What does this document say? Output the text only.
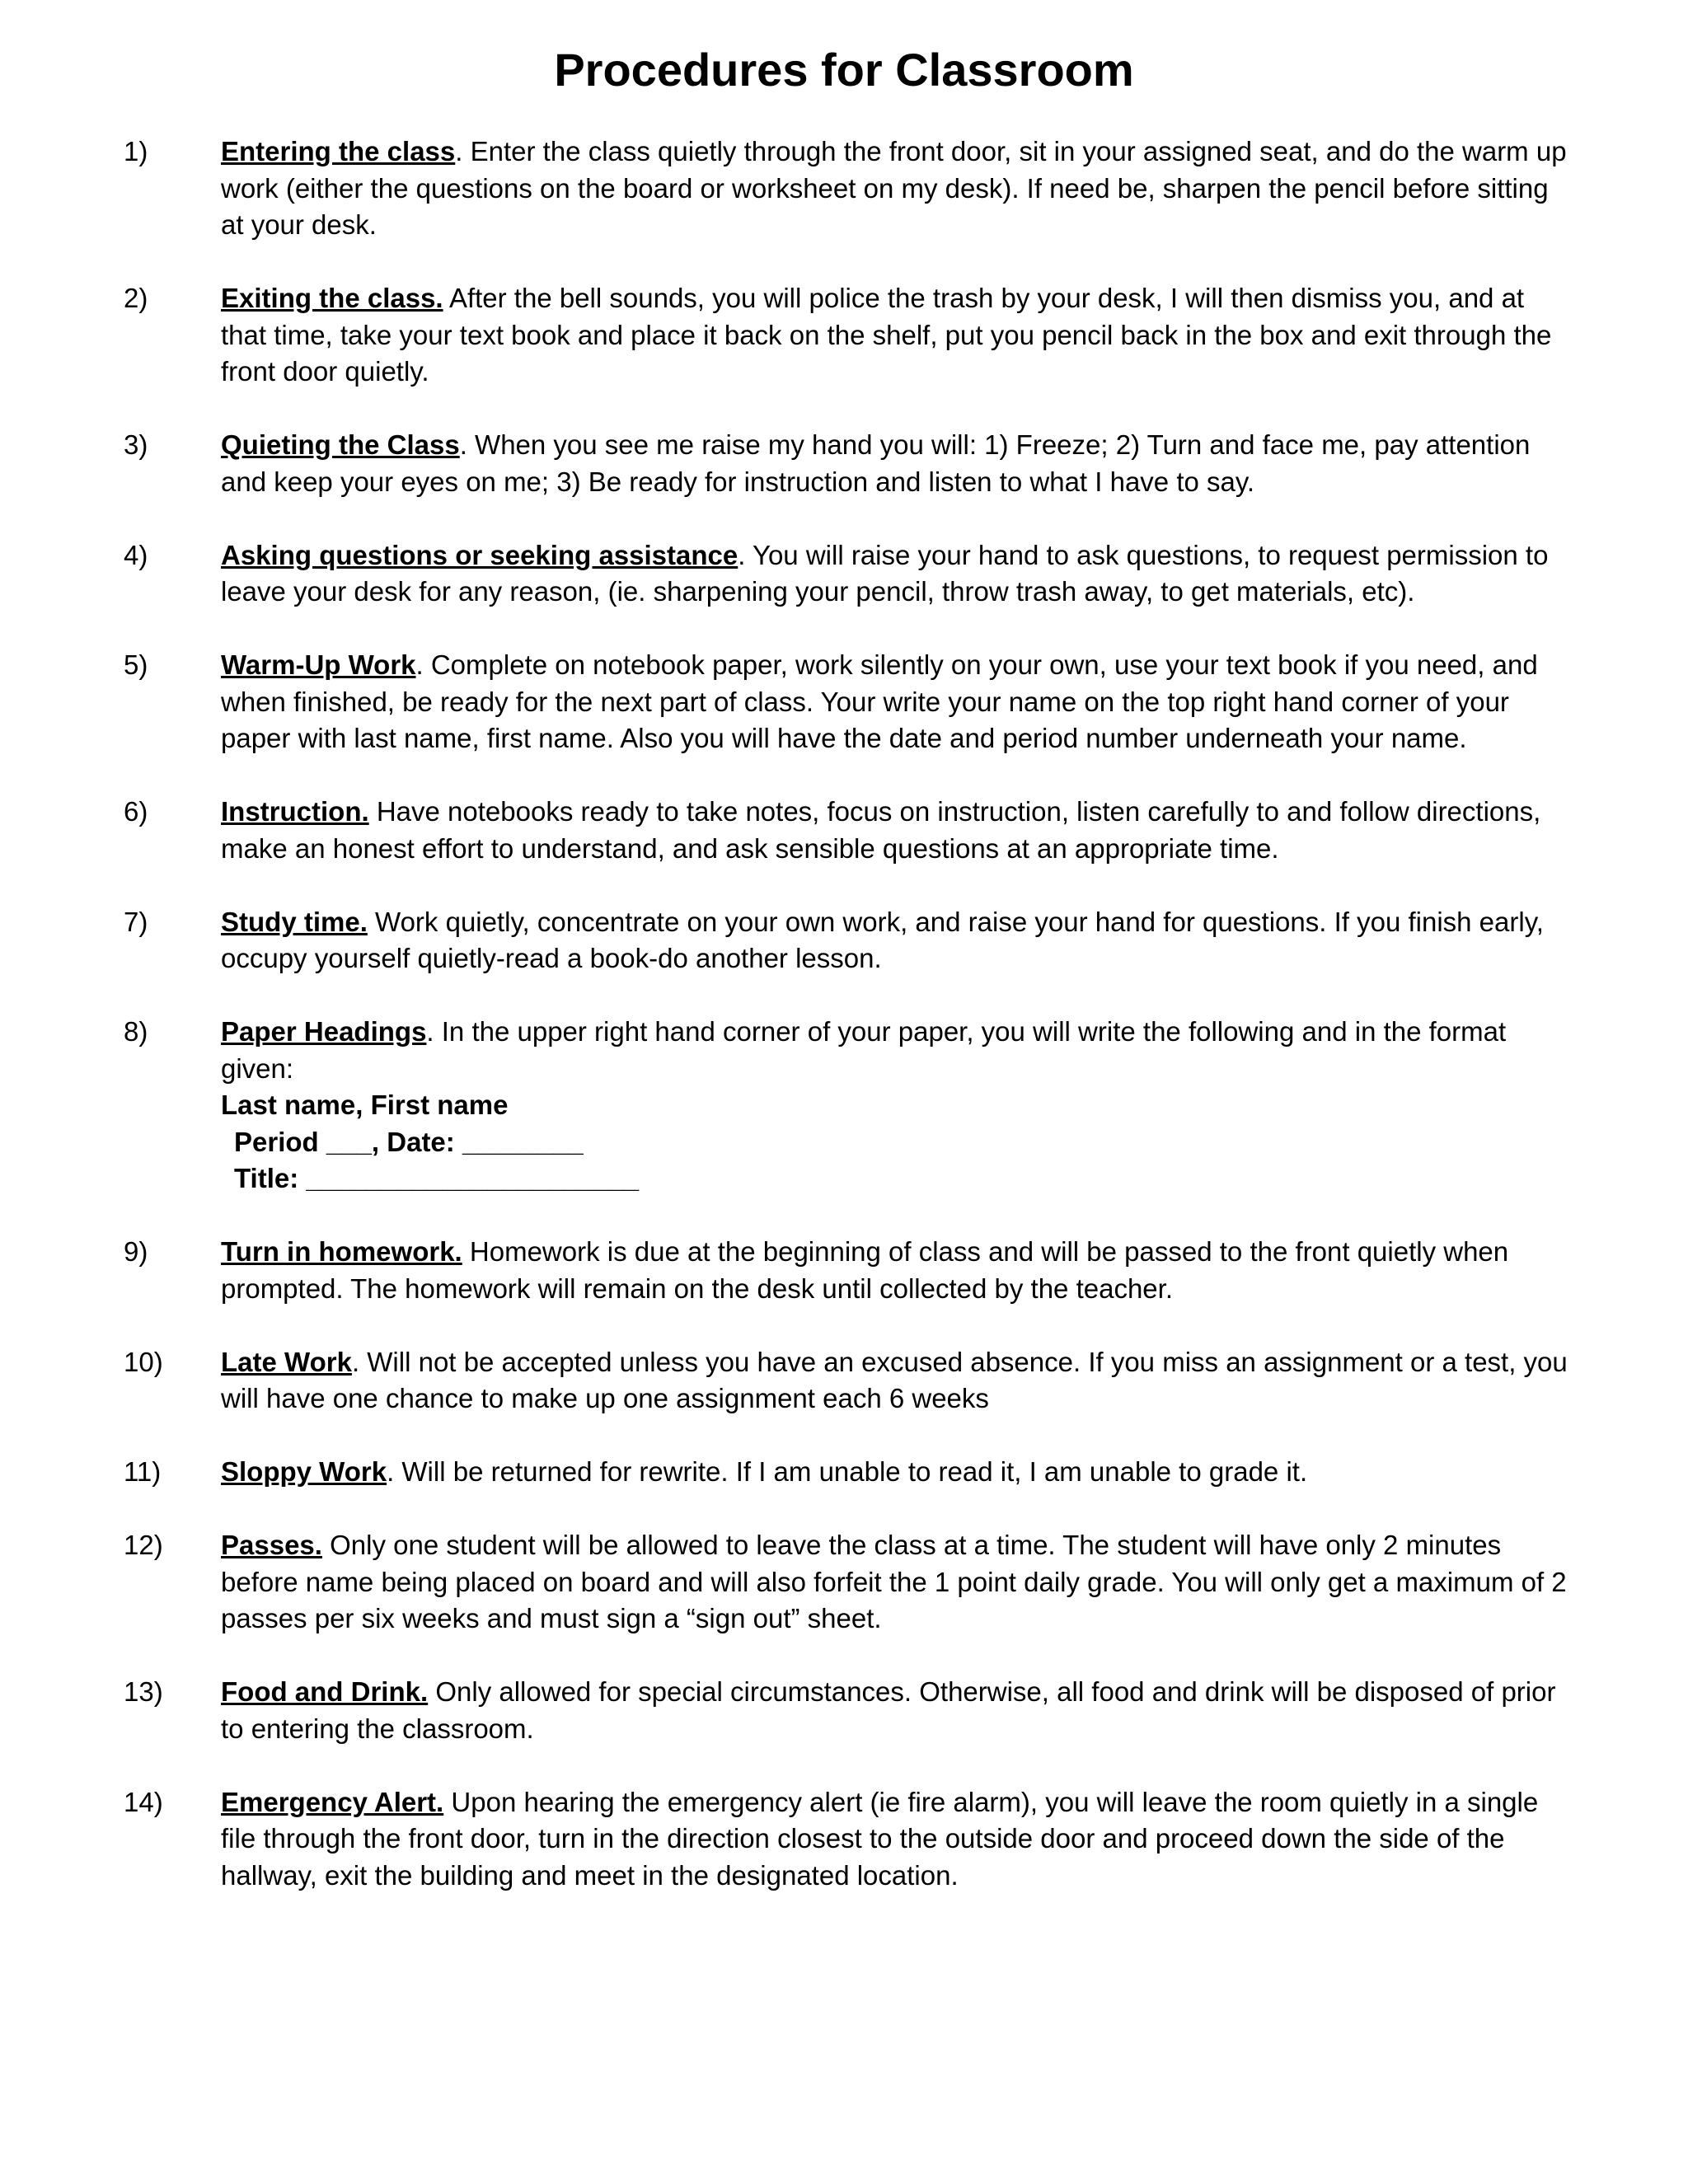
Procedures for Classroom
1)	Entering the class. Enter the class quietly through the front door, sit in your assigned seat, and do the warm up work (either the questions on the board or worksheet on my desk). If need be, sharpen the pencil before sitting at your desk.
2)	Exiting the class. After the bell sounds, you will police the trash by your desk, I will then dismiss you, and at that time, take your text book and place it back on the shelf, put you pencil back in the box and exit through the front door quietly.
3)	Quieting the Class. When you see me raise my hand you will: 1) Freeze; 2) Turn and face me, pay attention and keep your eyes on me; 3) Be ready for instruction and listen to what I have to say.
4)	Asking questions or seeking assistance. You will raise your hand to ask questions, to request permission to leave your desk for any reason, (ie. sharpening your pencil, throw trash away, to get materials, etc).
5)	Warm-Up Work. Complete on notebook paper, work silently on your own, use your text book if you need, and when finished, be ready for the next part of class. Your write your name on the top right hand corner of your paper with last name, first name. Also you will have the date and period number underneath your name.
6)	Instruction. Have notebooks ready to take notes, focus on instruction, listen carefully to and follow directions, make an honest effort to understand, and ask sensible questions at an appropriate time.
7)	Study time. Work quietly, concentrate on your own work, and raise your hand for questions. If you finish early, occupy yourself quietly-read a book-do another lesson.
8)	Paper Headings. In the upper right hand corner of your paper, you will write the following and in the format given:
Last name, First name
Period ___, Date: ________
Title: ______________________
9)	Turn in homework. Homework is due at the beginning of class and will be passed to the front quietly when prompted. The homework will remain on the desk until collected by the teacher.
10)	Late Work. Will not be accepted unless you have an excused absence. If you miss an assignment or a test, you will have one chance to make up one assignment each 6 weeks
11)	Sloppy Work. Will be returned for rewrite. If I am unable to read it, I am unable to grade it.
12)	Passes. Only one student will be allowed to leave the class at a time. The student will have only 2 minutes before name being placed on board and will also forfeit the 1 point daily grade. You will only get a maximum of 2 passes per six weeks and must sign a “sign out” sheet.
13)	Food and Drink. Only allowed for special circumstances. Otherwise, all food and drink will be disposed of prior to entering the classroom.
14)	Emergency Alert. Upon hearing the emergency alert (ie fire alarm), you will leave the room quietly in a single file through the front door, turn in the direction closest to the outside door and proceed down the side of the hallway, exit the building and meet in the designated location.
